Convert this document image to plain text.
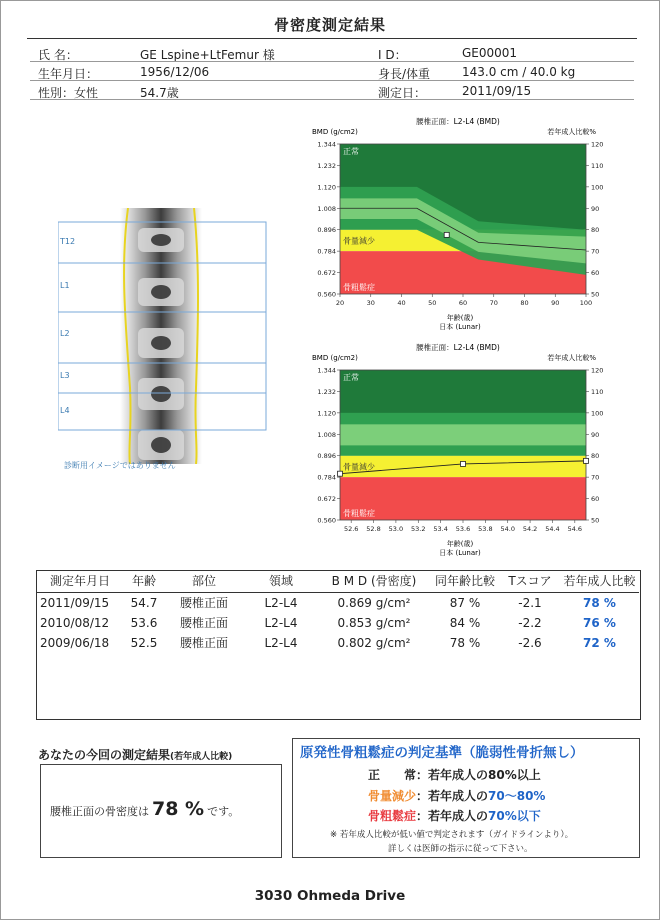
骨密度測定結果
氏 名：	GE Lspine+LtFemur 様	I D：	GE00001
生年月日：	1956/12/06	身長/体重	143.0 cm / 40.0 kg
性別：女性	54.7歳	測定日：	2011/09/15
T12
L1
L2
L3
L4
診断用イメージではありません
腰椎正面：L2-L4 (BMD)
BMD (g/cm2)	若年成人比較%
正常
骨量減少
骨粗鬆症
0.560
0.672
0.784
0.896
1.008
1.120
1.232
1.344
50
60
70
80
90
100
110
120
20	30	40	50	60	70	80	90	100
年齢(歳)
日本 (Lunar)
腰椎正面：L2-L4 (BMD)
BMD (g/cm2)	若年成人比較%
正常
骨量減少
骨粗鬆症
0.560
0.672
0.784
0.896
1.008
1.120
1.232
1.344
50
60
70
80
90
100
110
120
52.6 52.8 53.0 53.2 53.4 53.6 53.8 54.0 54.2 54.4 54.6
年齢(歳)
日本 (Lunar)
測定年月日	年齢	部位	領域	B M D (骨密度)	同年齢比較	Tスコア	若年成人比較
2011/09/15	54.7	腰椎正面	L2-L4	0.869 g/cm²	87 %	-2.1	78 %
2010/08/12	53.6	腰椎正面	L2-L4	0.853 g/cm²	84 %	-2.2	76 %
2009/06/18	52.5	腰椎正面	L2-L4	0.802 g/cm²	78 %	-2.6	72 %
あなたの今回の測定結果(若年成人比較)
腰椎正面の骨密度は 78 % です。
原発性骨粗鬆症の判定基準（脆弱性骨折無し）
正　　常：若年成人の80%以上
骨量減少：若年成人の70～80%
骨粗鬆症：若年成人の70%以下
※ 若年成人比較が低い値で判定されます（ガイドラインより）。
詳しくは医師の指示に従って下さい。
3030 Ohmeda Drive
